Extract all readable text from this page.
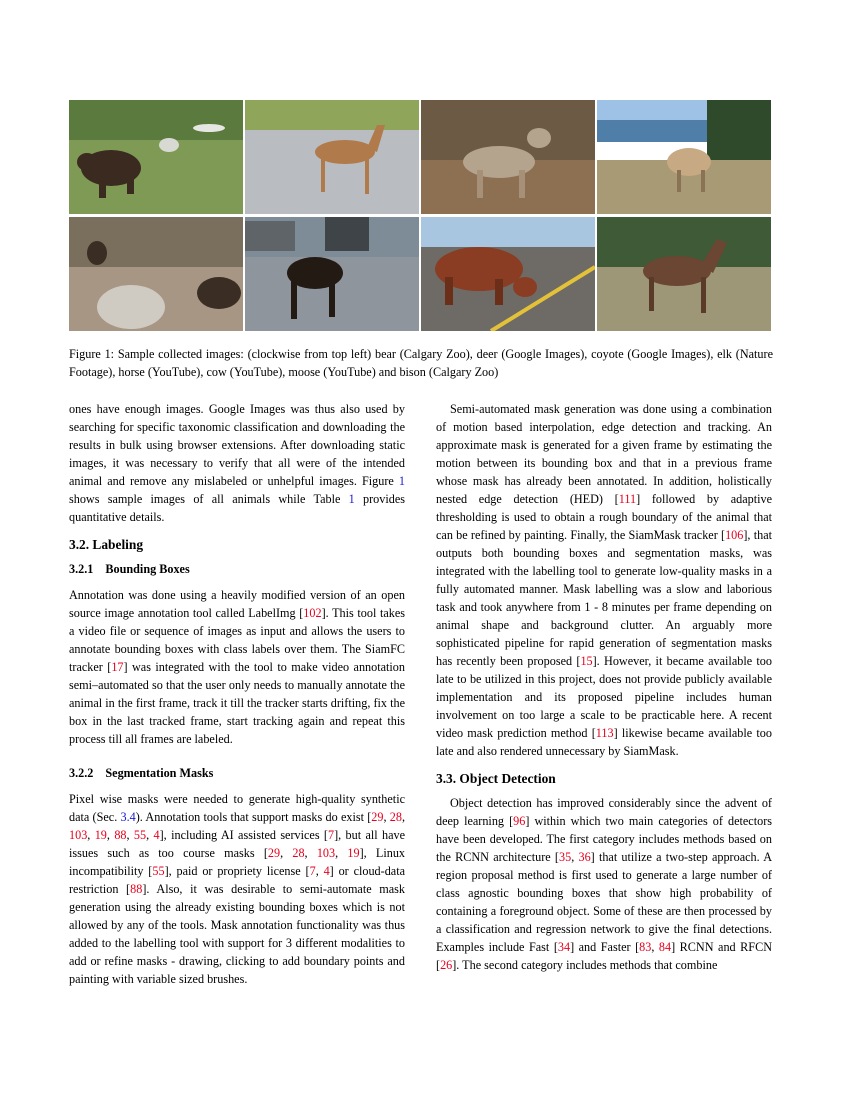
Figure 1: Sample collected images: (clockwise from top left) bear (Calgary Zoo), deer (Google Images), coyote (Google Images), elk (Nature Footage), horse (YouTube), cow (YouTube), moose (YouTube) and bison (Calgary Zoo)

ones have enough images. Google Images was thus also used by searching for specific taxonomic classification and downloading the results in bulk using browser extensions. After downloading static images, it was necessary to verify that all were of the intended animal and remove any mislabeled or unhelpful images. Figure 1 shows sample images of all animals while Table 1 provides quantitative details.

3.2. Labeling
3.2.1 Bounding Boxes

Annotation was done using a heavily modified version of an open source image annotation tool called LabelImg [102]. This tool takes a video file or sequence of images as input and allows the users to annotate bounding boxes with class labels over them. The SiamFC tracker [17] was integrated with the tool to make video annotation semi–automated so that the user only needs to manually annotate the animal in the first frame, track it till the tracker starts drifting, fix the box in the last tracked frame, start tracking again and repeat this process till all frames are labeled.

3.2.2 Segmentation Masks

Pixel wise masks were needed to generate high-quality synthetic data (Sec. 3.4). Annotation tools that support masks do exist [29, 28, 103, 19, 88, 55, 4], including AI assisted services [7], but all have issues such as too course masks [29, 28, 103, 19], Linux incompatibility [55], paid or propriety license [7, 4] or cloud-data restriction [88]. Also, it was desirable to semi-automate mask generation using the already existing bounding boxes which is not allowed by any of the tools. Mask annotation functionality was thus added to the labelling tool with support for 3 different modalities to add or refine masks - drawing, clicking to add boundary points and painting with variable sized brushes.

Semi-automated mask generation was done using a combination of motion based interpolation, edge detection and tracking. An approximate mask is generated for a given frame by estimating the motion between its bounding box and that in a previous frame whose mask has already been annotated. In addition, holistically nested edge detection (HED) [111] followed by adaptive thresholding is used to obtain a rough boundary of the animal that can be refined by painting. Finally, the SiamMask tracker [106], that outputs both bounding boxes and segmentation masks, was integrated with the labelling tool to generate low-quality masks in a fully automated manner. Mask labelling was a slow and laborious task and took anywhere from 1 - 8 minutes per frame depending on animal shape and background clutter. An arguably more sophisticated pipeline for rapid generation of segmentation masks has recently been proposed [15]. However, it became available too late to be utilized in this project, does not provide publicly available implementation and its proposed pipeline includes human involvement on too large a scale to be practicable here. A recent video mask prediction method [113] likewise became available too late and also rendered unnecessary by SiamMask.

3.3. Object Detection

Object detection has improved considerably since the advent of deep learning [96] within which two main categories of detectors have been developed. The first category includes methods based on the RCNN architecture [35, 36] that utilize a two-step approach. A region proposal method is first used to generate a large number of class agnostic bounding boxes that show high probability of containing a foreground object. Some of these are then processed by a classification and regression network to give the final detections. Examples include Fast [34] and Faster [83, 84] RCNN and RFCN [26]. The second category includes methods that combine
